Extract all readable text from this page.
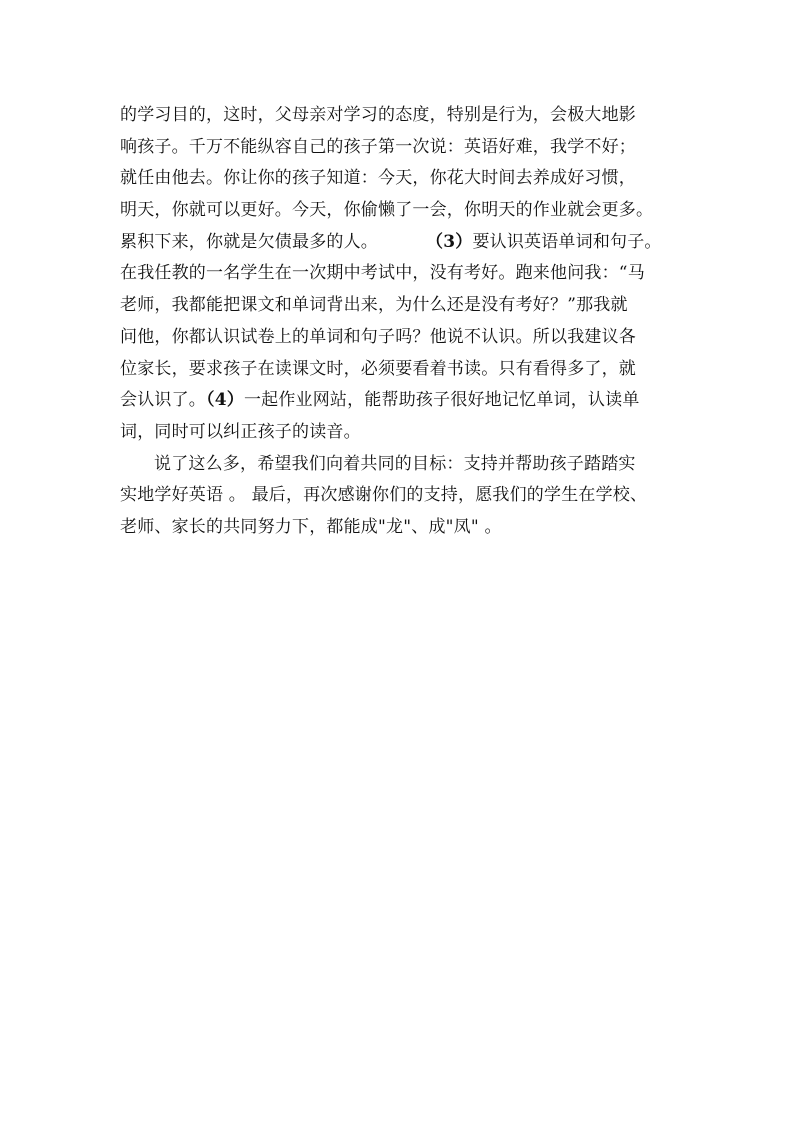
的学习目的，这时，父母亲对学习的态度，特别是行为，会极大地影
响孩子。千万不能纵容自己的孩子第一次说：英语好难，我学不好；
就任由他去。你让你的孩子知道：今天，你花大时间去养成好习惯，
明天，你就可以更好。今天，你偷懒了一会，你明天的作业就会更多。
累积下来，你就是欠债最多的人。	（3）要认识英语单词和句子。
在我任教的一名学生在一次期中考试中，没有考好。跑来他问我：“马
老师，我都能把课文和单词背出来，为什么还是没有考好？”那我就
问他，你都认识试卷上的单词和句子吗？他说不认识。所以我建议各
位家长，要求孩子在读课文时，必须要看着书读。只有看得多了，就
会认识了。（4）一起作业网站，能帮助孩子很好地记忆单词，认读单
词，同时可以纠正孩子的读音。
说了这么多，希望我们向着共同的目标：支持并帮助孩子踏踏实
实地学好英语 。 最后，再次感谢你们的支持，愿我们的学生在学校、
老师、家长的共同努力下，都能成"龙"、成"凤" 。
